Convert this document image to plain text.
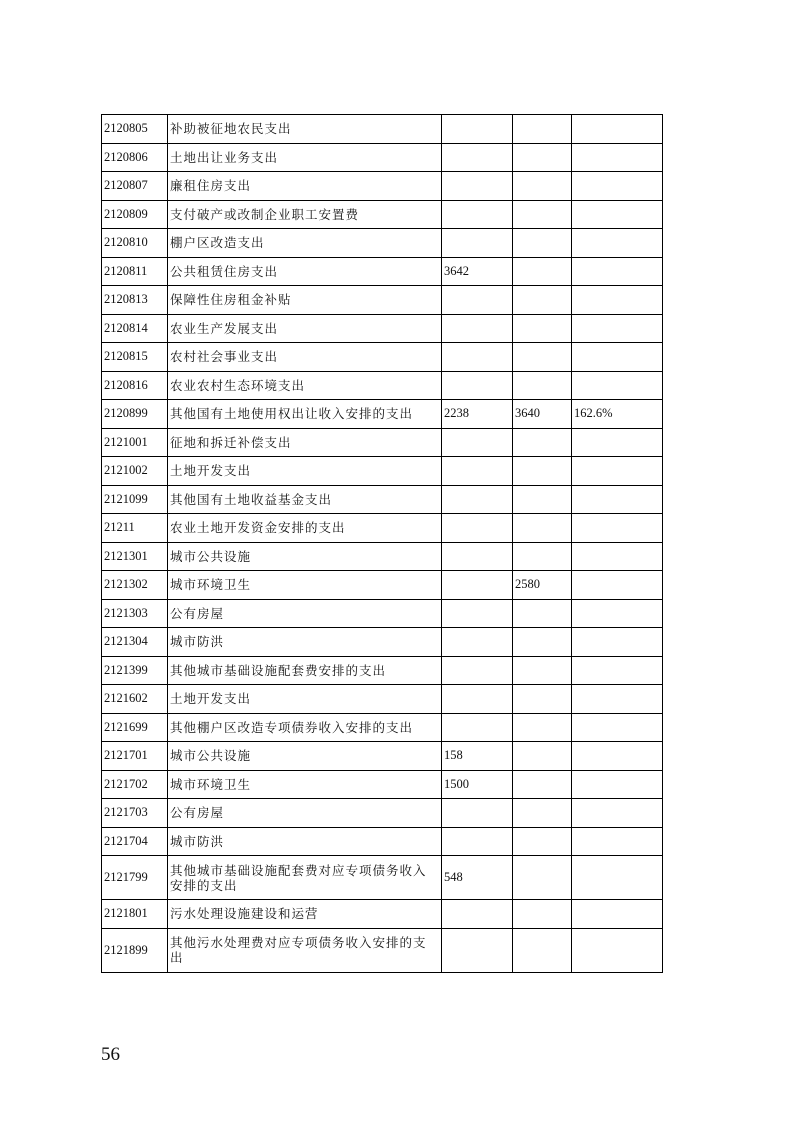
2120805	补助被征地农民支出			
2120806	土地出让业务支出			
2120807	廉租住房支出			
2120809	支付破产或改制企业职工安置费			
2120810	棚户区改造支出			
2120811	公共租赁住房支出	3642		
2120813	保障性住房租金补贴			
2120814	农业生产发展支出			
2120815	农村社会事业支出			
2120816	农业农村生态环境支出			
2120899	其他国有土地使用权出让收入安排的支出	2238	3640	162.6%
2121001	征地和拆迁补偿支出			
2121002	土地开发支出			
2121099	其他国有土地收益基金支出			
21211	农业土地开发资金安排的支出			
2121301	城市公共设施			
2121302	城市环境卫生		2580	
2121303	公有房屋			
2121304	城市防洪			
2121399	其他城市基础设施配套费安排的支出			
2121602	土地开发支出			
2121699	其他棚户区改造专项债券收入安排的支出			
2121701	城市公共设施	158		
2121702	城市环境卫生	1500		
2121703	公有房屋			
2121704	城市防洪			
2121799	其他城市基础设施配套费对应专项债务收入安排的支出	548		
2121801	污水处理设施建设和运营			
2121899	其他污水处理费对应专项债务收入安排的支出			
56
